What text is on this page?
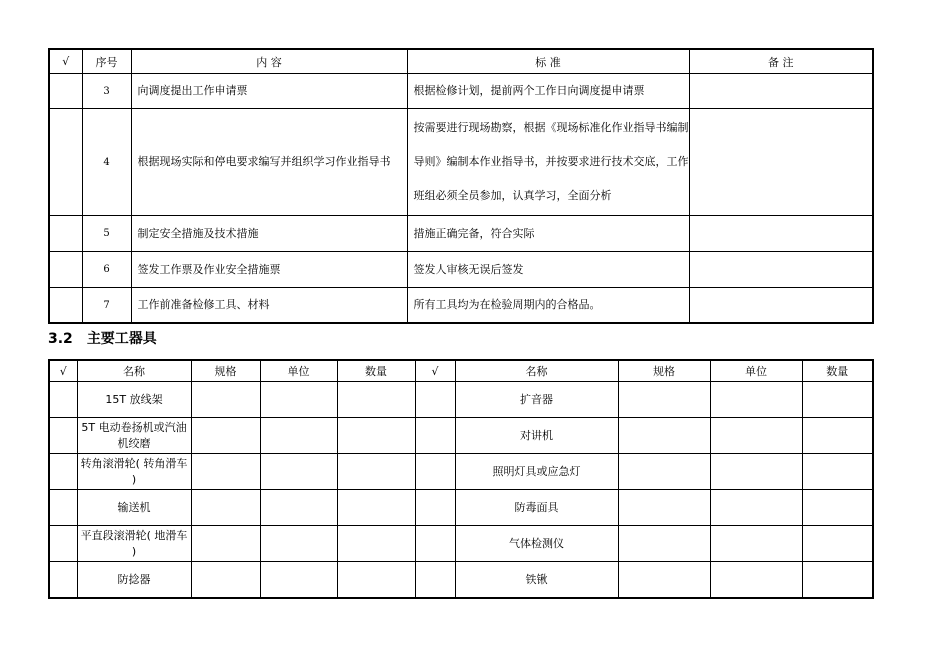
√	序号	内 容	标 准	备 注
	3	向调度提出工作申请票	根据检修计划，提前两个工作日向调度提申请票	
	4	根据现场实际和停电要求编写并组织学习作业指导书	按需要进行现场勘察，根据《现场标准化作业指导书编制导则》编制本作业指导书，并按要求进行技术交底，工作班组必须全员参加，认真学习，全面分析	
	5	制定安全措施及技术措施	措施正确完备，符合实际	
	6	签发工作票及作业安全措施票	签发人审核无误后签发	
	7	工作前准备检修工具、材料	所有工具均为在检验周期内的合格品。	
3.2 主要工器具
√	名称	规格	单位	数量	√	名称	规格	单位	数量
	15T 放线架					扩音器			
	5T 电动卷扬机或汽油机绞磨					对讲机			
	转角滚滑轮( 转角滑车 )					照明灯具或应急灯			
	输送机					防毒面具			
	平直段滚滑轮( 地滑车 )					气体检测仪			
	防捻器					铁锹			
